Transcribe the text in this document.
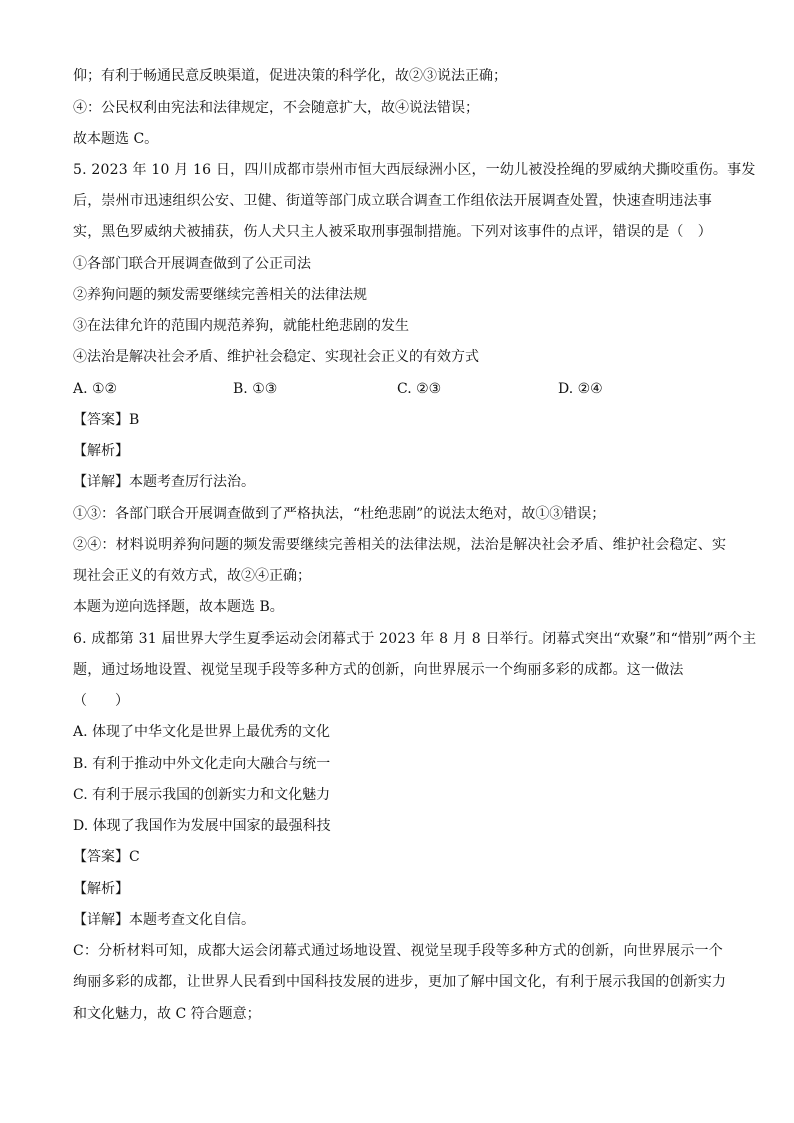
仰；有利于畅通民意反映渠道，促进决策的科学化，故②③说法正确；
④：公民权利由宪法和法律规定，不会随意扩大，故④说法错误；
故本题选 C。
5. 2023 年 10 月 16 日，四川成都市崇州市恒大西辰绿洲小区，一幼儿被没拴绳的罗威纳犬撕咬重伤。事发
后，崇州市迅速组织公安、卫健、街道等部门成立联合调查工作组依法开展调查处置，快速查明违法事
实，黑色罗威纳犬被捕获，伤人犬只主人被采取刑事强制措施。下列对该事件的点评，错误的是（　）
①各部门联合开展调查做到了公正司法
②养狗问题的频发需要继续完善相关的法律法规
③在法律允许的范围内规范养狗，就能杜绝悲剧的发生
④法治是解决社会矛盾、维护社会稳定、实现社会正义的有效方式
A. ①②	B. ①③	C. ②③	D. ②④
【答案】B
【解析】
【详解】本题考查厉行法治。
①③：各部门联合开展调查做到了严格执法，“杜绝悲剧”的说法太绝对，故①③错误；
②④：材料说明养狗问题的频发需要继续完善相关的法律法规，法治是解决社会矛盾、维护社会稳定、实
现社会正义的有效方式，故②④正确；
本题为逆向选择题，故本题选 B。
6. 成都第 31 届世界大学生夏季运动会闭幕式于 2023 年 8 月 8 日举行。闭幕式突出“欢聚”和“惜别”两个主
题，通过场地设置、视觉呈现手段等多种方式的创新，向世界展示一个绚丽多彩的成都。这一做法
（　　）
A. 体现了中华文化是世界上最优秀的文化
B. 有利于推动中外文化走向大融合与统一
C. 有利于展示我国的创新实力和文化魅力
D. 体现了我国作为发展中国家的最强科技
【答案】C
【解析】
【详解】本题考查文化自信。
C：分析材料可知，成都大运会闭幕式通过场地设置、视觉呈现手段等多种方式的创新，向世界展示一个
绚丽多彩的成都，让世界人民看到中国科技发展的进步，更加了解中国文化，有利于展示我国的创新实力
和文化魅力，故 C 符合题意；
